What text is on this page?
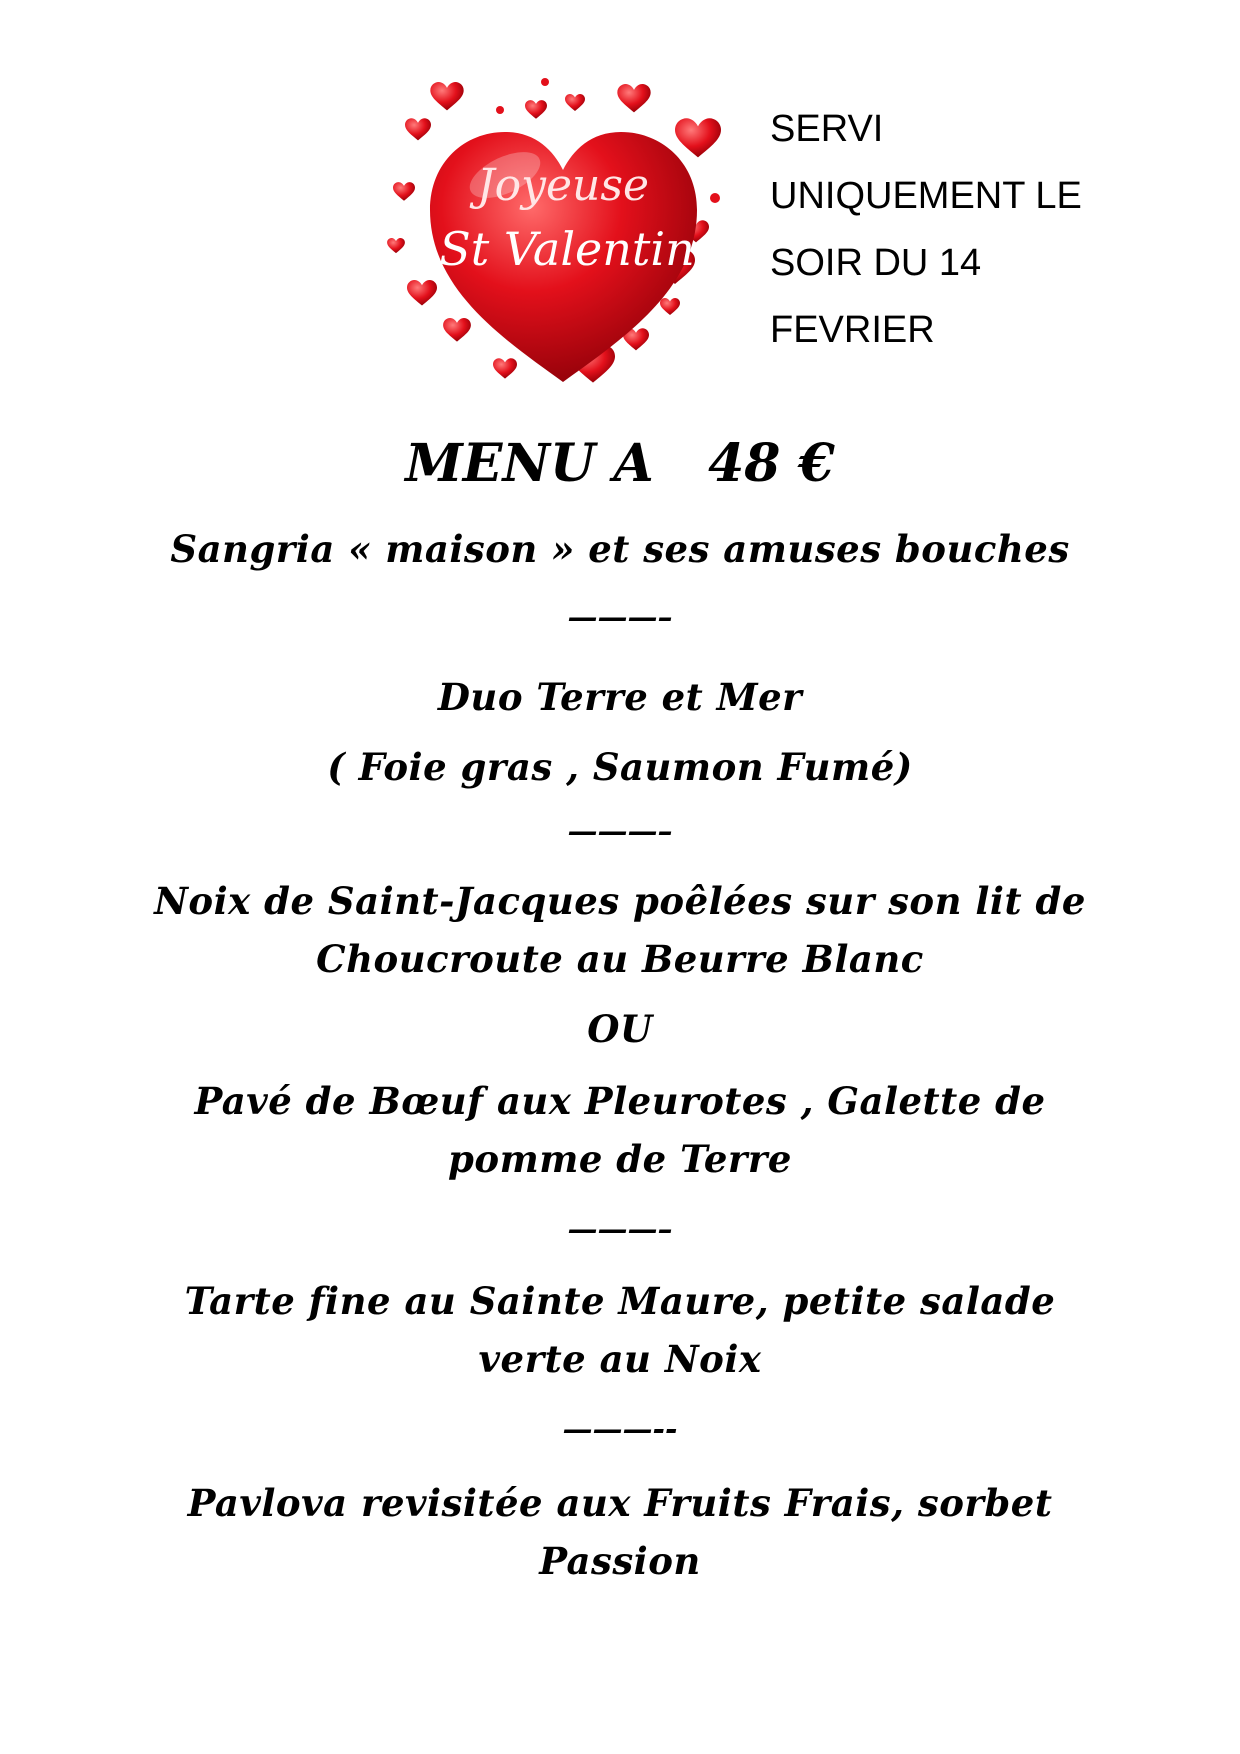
Joyeuse
St Valentin
SERVI
UNIQUEMENT LE
SOIR DU 14
FEVRIER
MENU A   48 €
Sangria « maison » et ses amuses bouches
———–
Duo Terre et Mer
( Foie gras , Saumon Fumé)
———–
Noix de Saint-Jacques poêlées sur son lit de
Choucroute au Beurre Blanc
OU
Pavé de Bœuf aux Pleurotes , Galette de
pomme de Terre
———–
Tarte fine au Sainte Maure, petite salade
verte au Noix
———--
Pavlova revisitée aux Fruits Frais, sorbet
Passion
